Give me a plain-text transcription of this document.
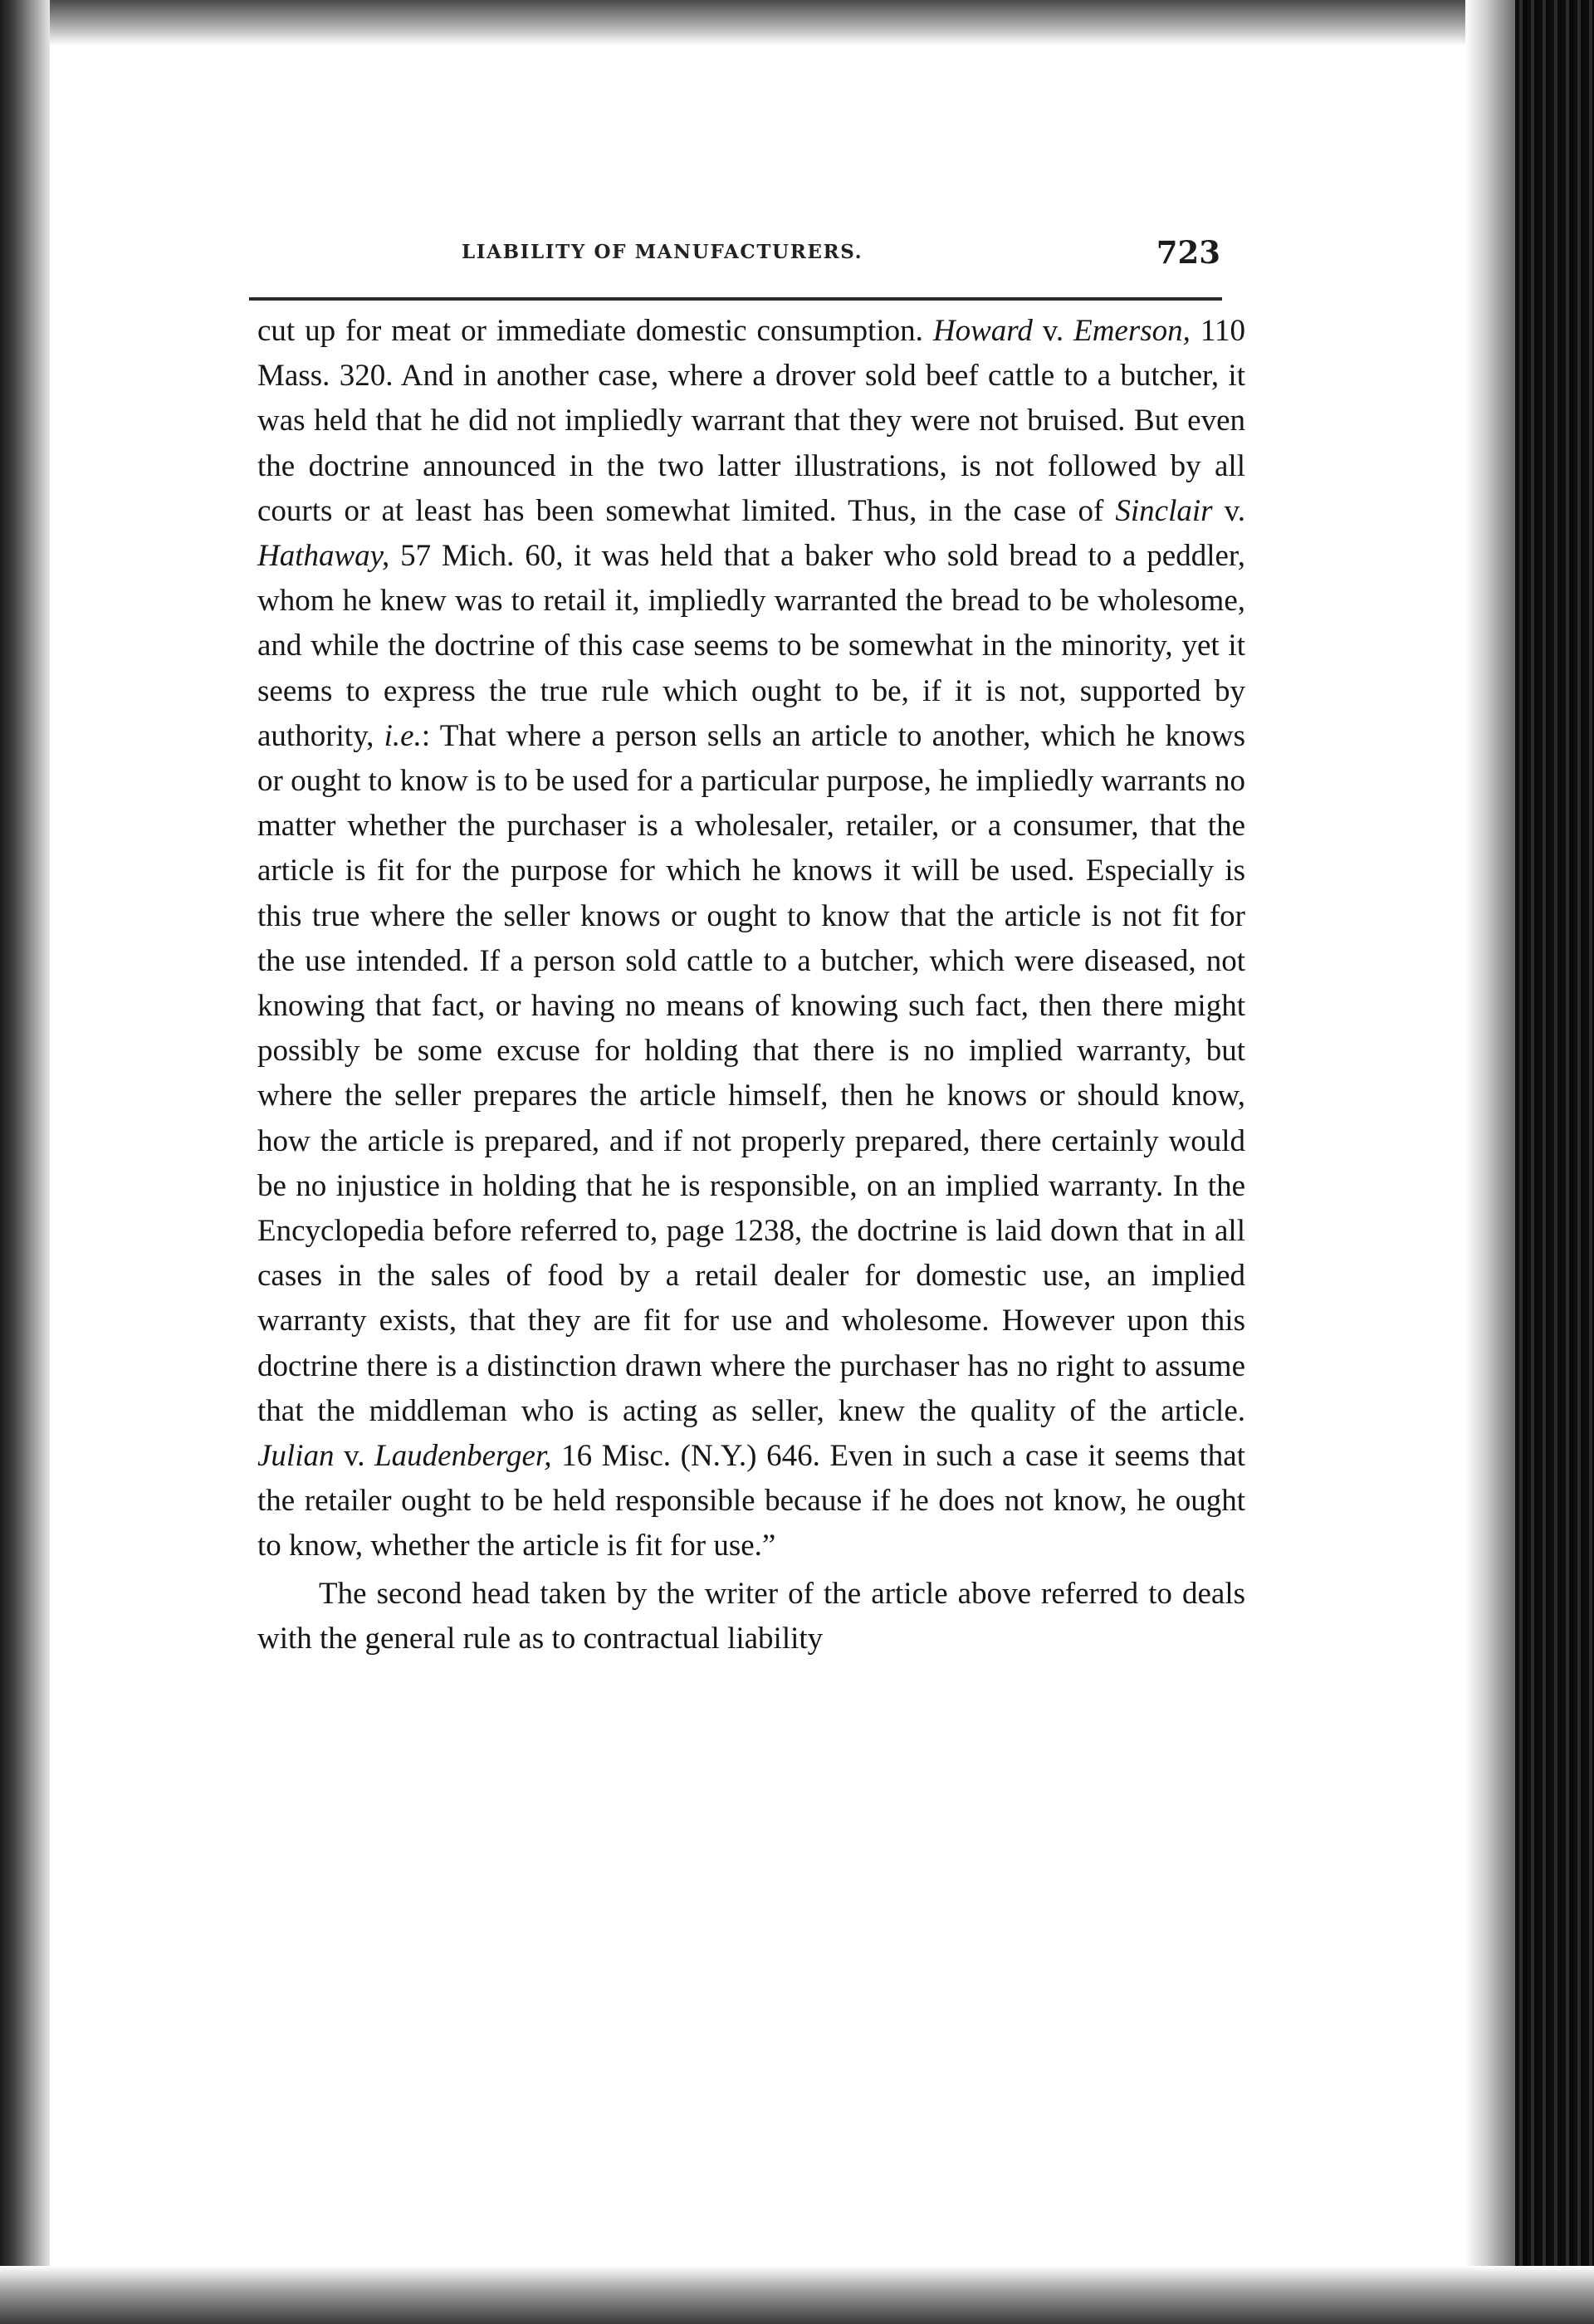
LIABILITY OF MANUFACTURERS.	723

cut up for meat or immediate domestic consumption. Howard v. Emerson, 110 Mass. 320. And in another case, where a drover sold beef cattle to a butcher, it was held that he did not impliedly warrant that they were not bruised. But even the doctrine announced in the two latter illustrations, is not followed by all courts or at least has been somewhat limited. Thus, in the case of Sinclair v. Hathaway, 57 Mich. 60, it was held that a baker who sold bread to a peddler, whom he knew was to retail it, impliedly warranted the bread to be wholesome, and while the doctrine of this case seems to be somewhat in the minority, yet it seems to express the true rule which ought to be, if it is not, supported by authority, i.e.: That where a person sells an article to another, which he knows or ought to know is to be used for a particular purpose, he impliedly warrants no matter whether the purchaser is a wholesaler, retailer, or a consumer, that the article is fit for the purpose for which he knows it will be used. Especially is this true where the seller knows or ought to know that the article is not fit for the use intended. If a person sold cattle to a butcher, which were diseased, not knowing that fact, or having no means of knowing such fact, then there might possibly be some excuse for holding that there is no implied warranty, but where the seller prepares the article himself, then he knows or should know, how the article is prepared, and if not properly prepared, there certainly would be no injustice in holding that he is responsible, on an implied warranty. In the Encyclopedia before referred to, page 1238, the doctrine is laid down that in all cases in the sales of food by a retail dealer for domestic use, an implied warranty exists, that they are fit for use and wholesome. However upon this doctrine there is a distinction drawn where the purchaser has no right to assume that the middleman who is acting as seller, knew the quality of the article. Julian v. Laudenberger, 16 Misc. (N.Y.) 646. Even in such a case it seems that the retailer ought to be held responsible because if he does not know, he ought to know, whether the article is fit for use.”

The second head taken by the writer of the article above referred to deals with the general rule as to contractual liability
